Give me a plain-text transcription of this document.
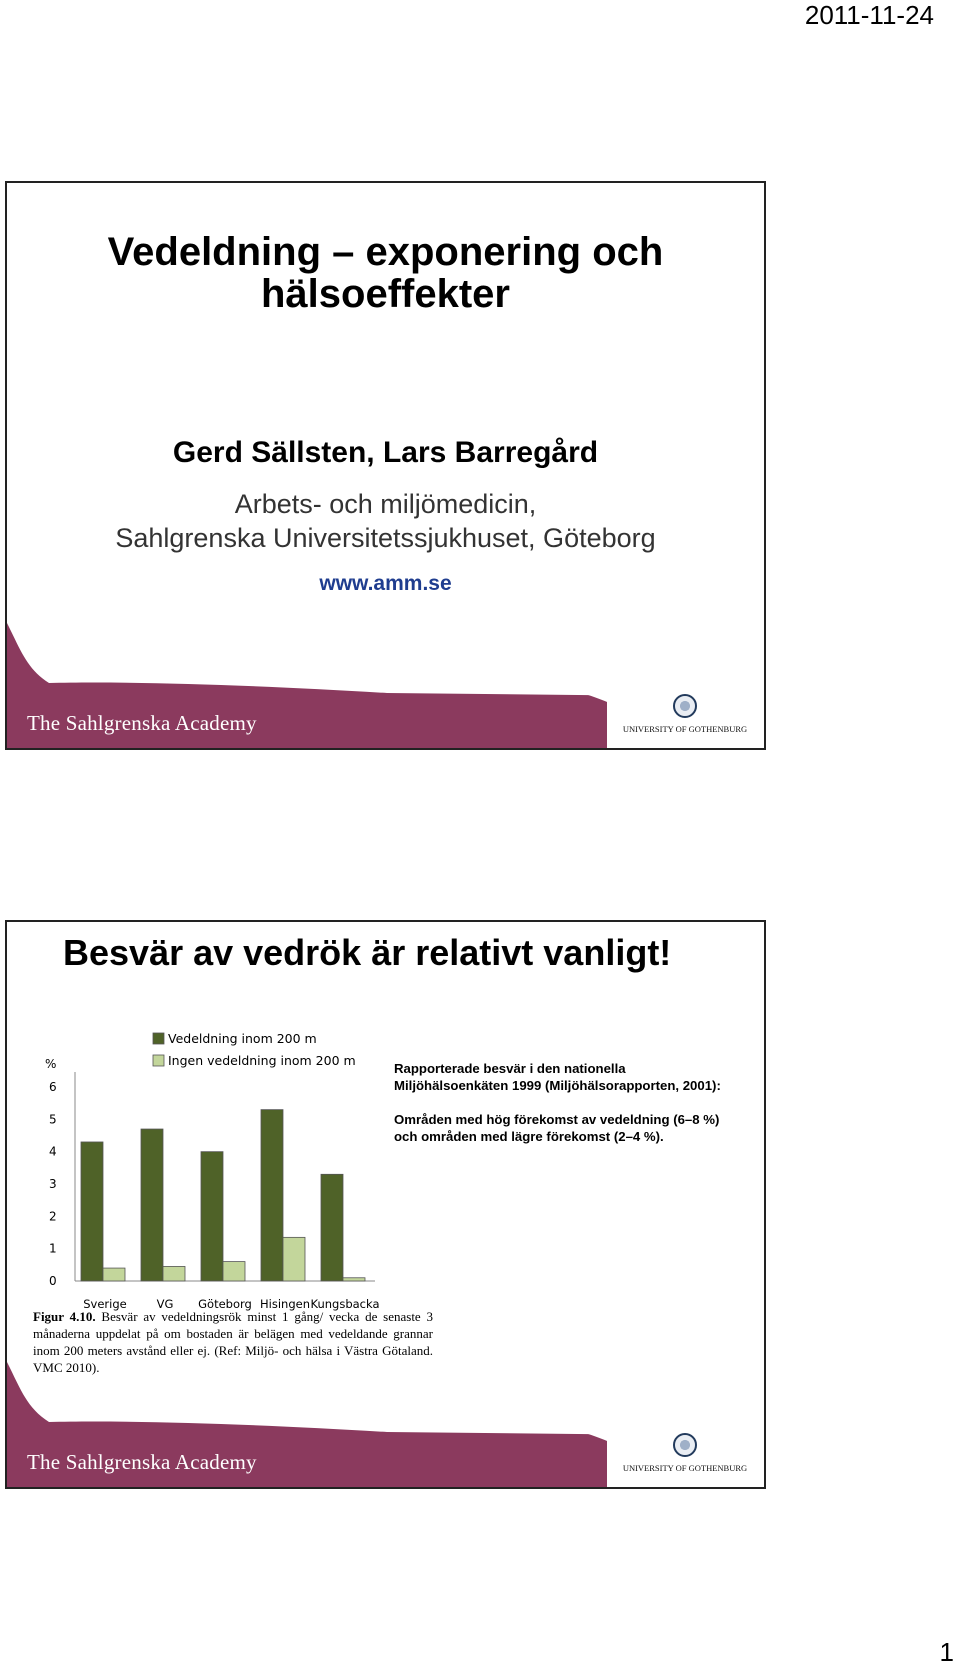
2011-11-24
Vedeldning – exponering och
hälsoeffekter
Gerd Sällsten, Lars Barregård
Arbets- och miljömedicin,
Sahlgrenska Universitetssjukhuset, Göteborg
www.amm.se
The Sahlgrenska Academy	UNIVERSITY OF GOTHENBURG
Besvär av vedrök är relativt vanligt!
%
0
1
2
3
4
5
6
Sverige	VG Göteborg Hisingen Kungsbacka
Vedeldning inom 200 m
Ingen vedeldning inom 200 m
Rapporterade besvär i den nationella
Miljöhälsoenkäten 1999 (Miljöhälsorapporten, 2001):
Områden med hög förekomst av vedeldning (6–8 %)
och områden med lägre förekomst (2–4 %).
Figur 4.10. Besvär av vedeldningsrök minst 1 gång/ vecka de senaste 3 månaderna uppdelat på om bostaden är belägen med vedeldande grannar inom 200 meters avstånd eller ej. (Ref: Miljö- och hälsa i Västra Götaland. VMC 2010).
The Sahlgrenska Academy	UNIVERSITY OF GOTHENBURG
1
